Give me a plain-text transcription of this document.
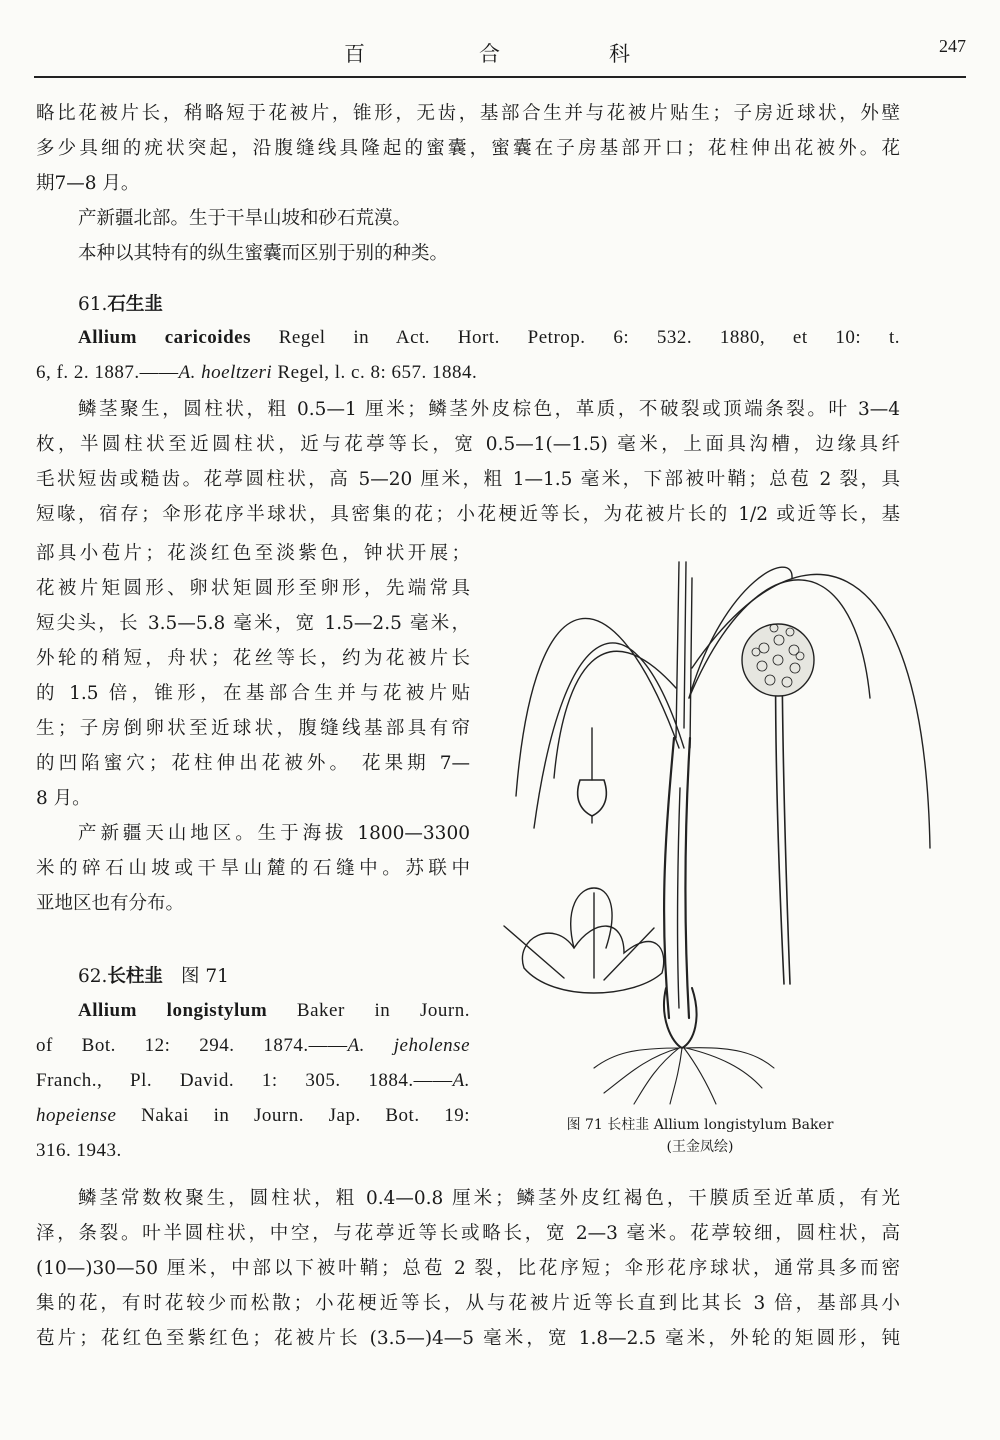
百	合	科	247
略比花被片长，稍略短于花被片，锥形，无齿，基部合生并与花被片贴生；子房近球状，外壁
多少具细的疣状突起，沿腹缝线具隆起的蜜囊，蜜囊在子房基部开口；花柱伸出花被外。花
期7—8 月。
产新疆北部。生于干旱山坡和砂石荒漠。
本种以其特有的纵生蜜囊而区别于别的种类。
61.石生韭
Allium caricoides Regel in Act. Hort. Petrop. 6: 532. 1880, et 10: t.
6, f. 2. 1887.——A. hoeltzeri Regel, l. c. 8: 657. 1884.
鳞茎聚生，圆柱状，粗 0.5—1 厘米；鳞茎外皮棕色，革质，不破裂或顶端条裂。叶 3—4
枚，半圆柱状至近圆柱状，近与花葶等长，宽 0.5—1(—1.5) 毫米，上面具沟槽，边缘具纤
毛状短齿或糙齿。花葶圆柱状，高 5—20 厘米，粗 1—1.5 毫米，下部被叶鞘；总苞 2 裂，具
短喙，宿存；伞形花序半球状，具密集的花；小花梗近等长，为花被片长的 1/2 或近等长，基
部具小苞片；花淡红色至淡紫色，钟状开展；
花被片矩圆形、卵状矩圆形至卵形，先端常具
短尖头，长 3.5—5.8 毫米，宽 1.5—2.5 毫米，
外轮的稍短，舟状；花丝等长，约为花被片长
的 1.5 倍，锥形，在基部合生并与花被片贴
生；子房倒卵状至近球状，腹缝线基部具有帘
的凹陷蜜穴；花柱伸出花被外。 花果期 7—
8 月。
产新疆天山地区。生于海拔 1800—3300
米的碎石山坡或干旱山麓的石缝中。苏联中
亚地区也有分布。
62.长柱韭 图 71
Allium longistylum Baker in Journ.
of Bot. 12: 294. 1874.——A. jeholense
Franch., Pl. David. 1: 305. 1884.——A.
hopeiense Nakai in Journ. Jap. Bot. 19:
316. 1943.
鳞茎常数枚聚生，圆柱状，粗 0.4—0.8 厘米；鳞茎外皮红褐色，干膜质至近革质，有光
泽，条裂。叶半圆柱状，中空，与花葶近等长或略长，宽 2—3 毫米。花葶较细，圆柱状，高
(10—)30—50 厘米，中部以下被叶鞘；总苞 2 裂，比花序短；伞形花序球状，通常具多而密
集的花，有时花较少而松散；小花梗近等长，从与花被片近等长直到比其长 3 倍，基部具小
苞片；花红色至紫红色；花被片长 (3.5—)4—5 毫米，宽 1.8—2.5 毫米，外轮的矩圆形，钝
图 71 长柱韭 Allium longistylum Baker
(王金凤绘)
